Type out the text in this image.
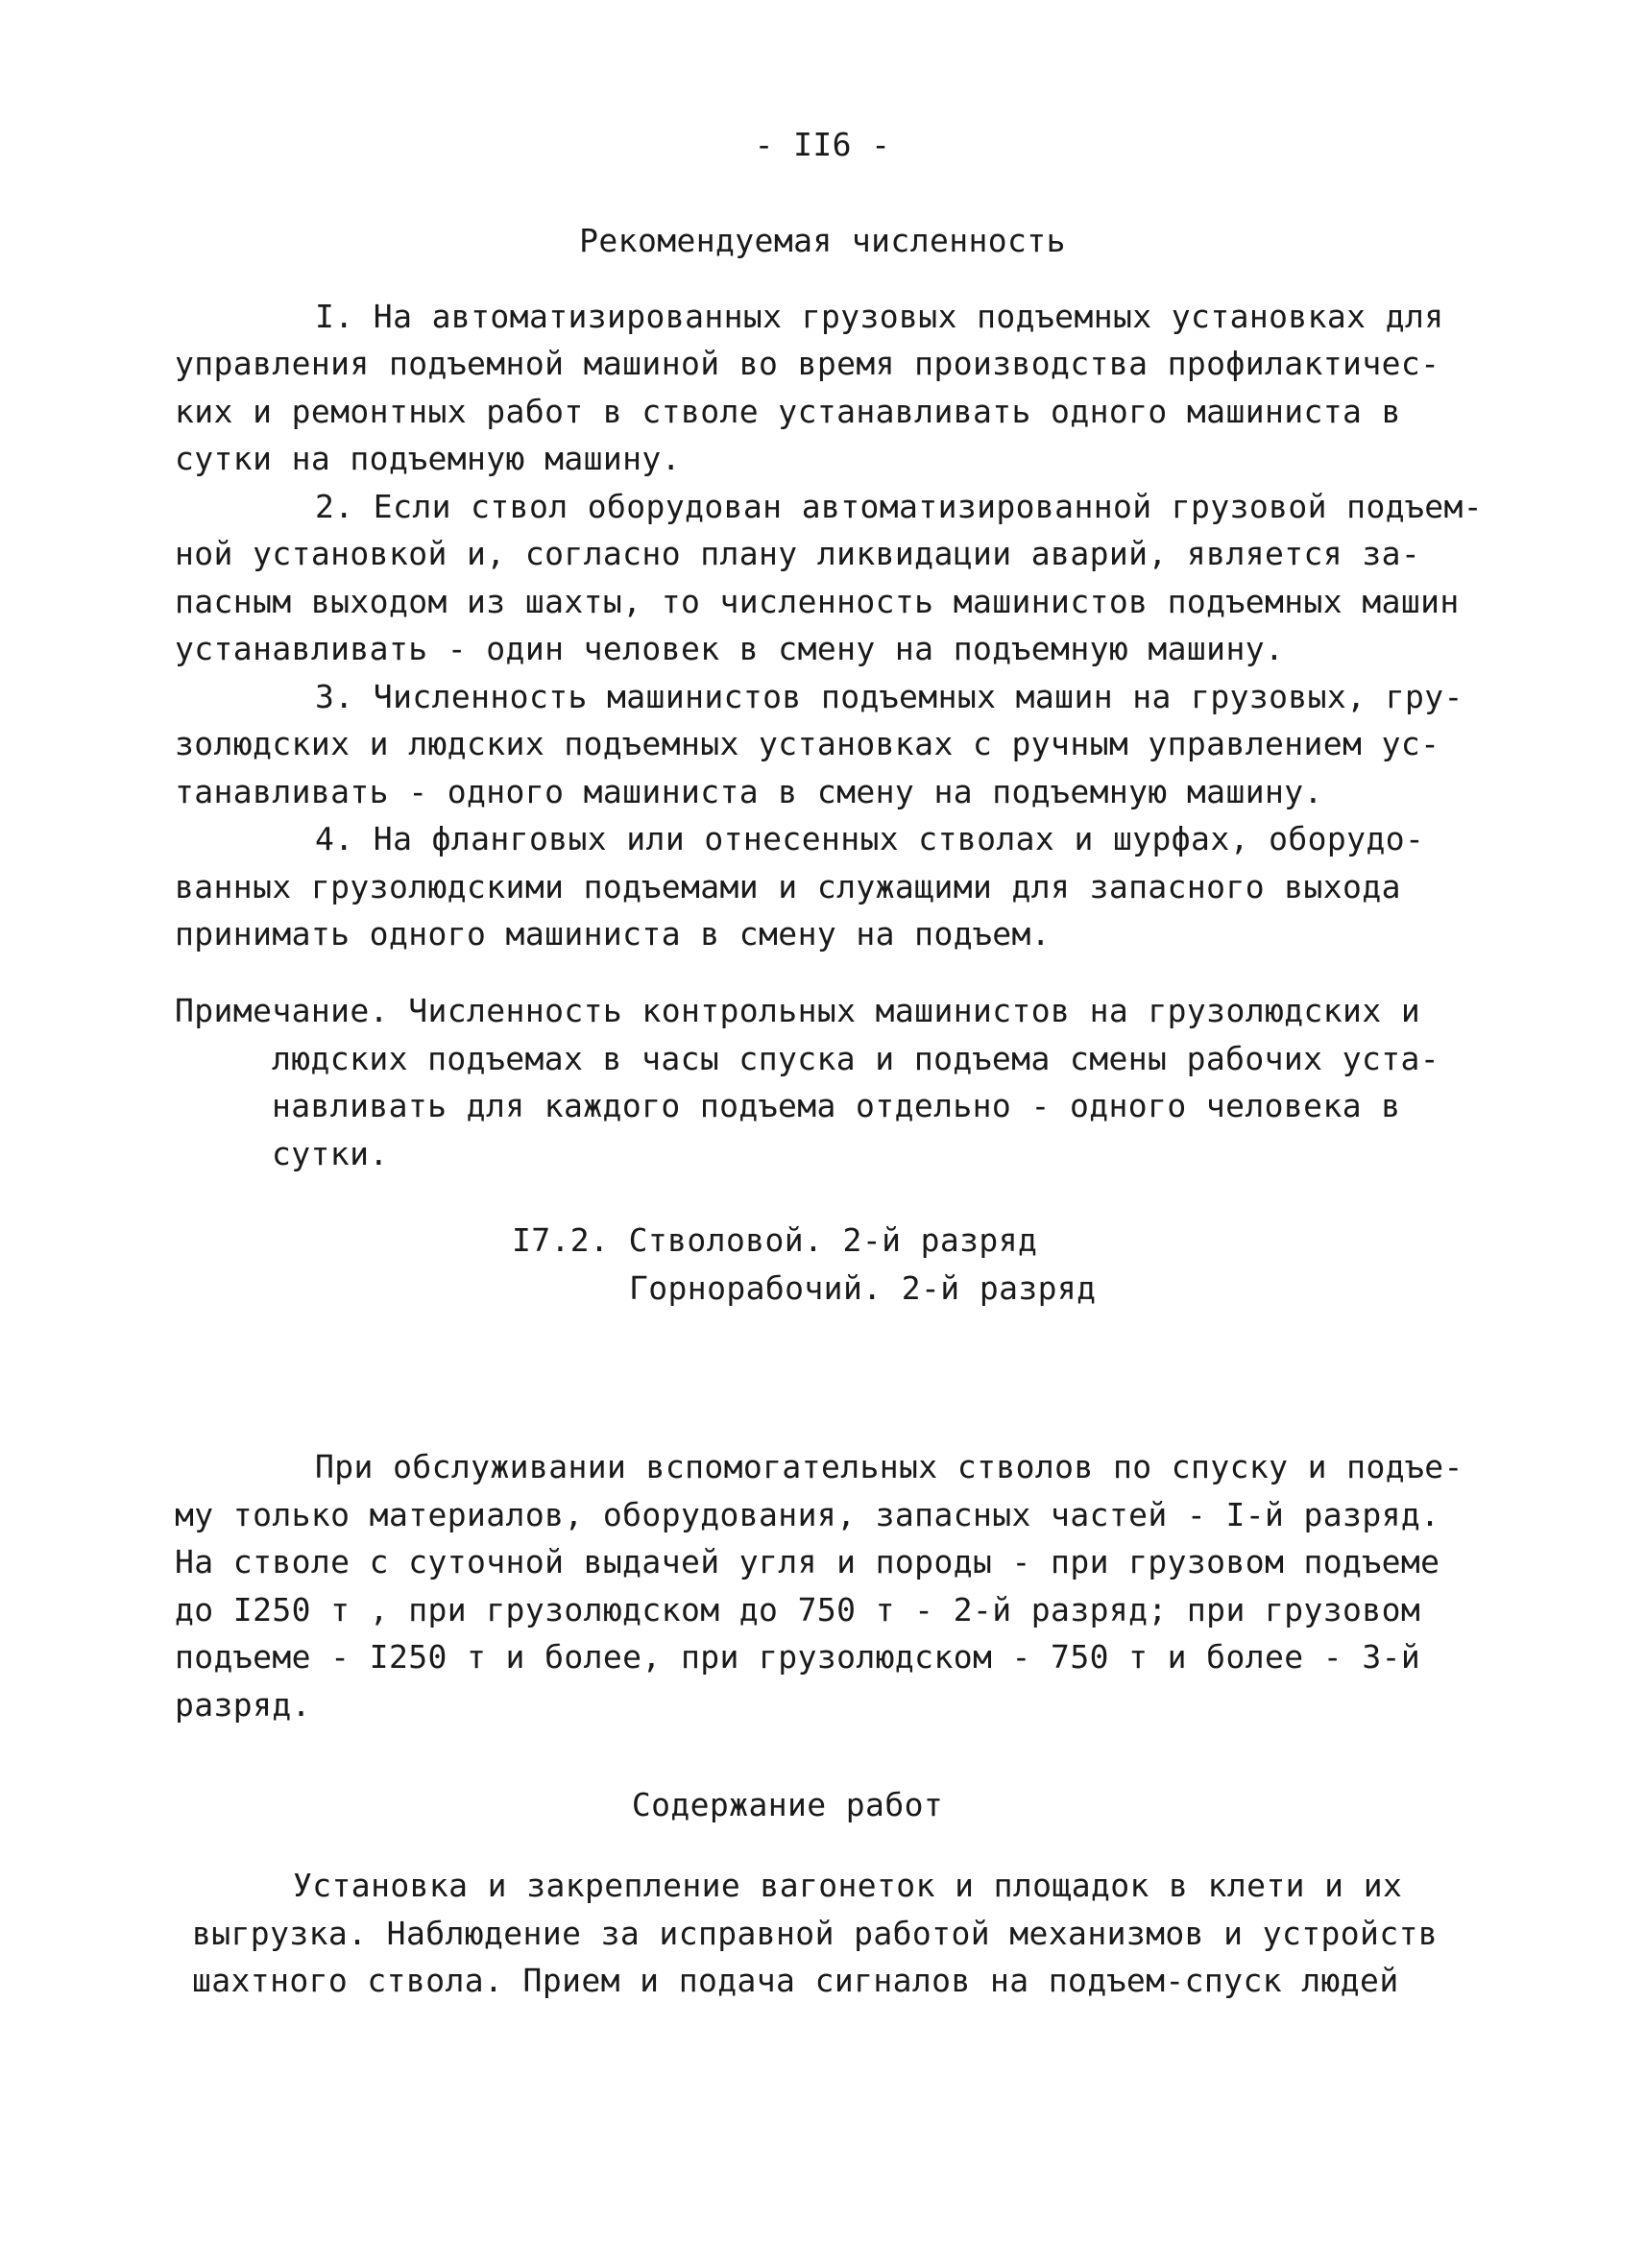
- II6 -
Рекомендуемая численность
I. На автоматизированных грузовых подъемных установках для
управления подъемной машиной во время производства профилактичес-
ких и ремонтных работ в стволе устанавливать одного машиниста в
сутки на подъемную машину.
2. Если ствол оборудован автоматизированной грузовой подъем-
ной установкой и, согласно плану ликвидации аварий, является за-
пасным выходом из шахты, то численность машинистов подъемных машин
устанавливать - один человек в смену на подъемную машину.
3. Численность машинистов подъемных машин на грузовых, гру-
золюдских и людских подъемных установках с ручным управлением ус-
танавливать - одного машиниста в смену на подъемную машину.
4. На фланговых или отнесенных стволах и шурфах, оборудо-
ванных грузолюдскими подъемами и служащими для запасного выхода
принимать одного машиниста в смену на подъем.
Примечание. Численность контрольных машинистов на грузолюдских и
людских подъемах в часы спуска и подъема смены рабочих уста-
навливать для каждого подъема отдельно - одного человека в
сутки.
I7.2. Стволовой. 2-й разряд
Горнорабочий. 2-й разряд
При обслуживании вспомогательных стволов по спуску и подъе-
му только материалов, оборудования, запасных частей - I-й разряд.
На стволе с суточной выдачей угля и породы - при грузовом подъеме
до I250 т , при грузолюдском до 750 т - 2-й разряд; при грузовом
подъеме - I250 т и более, при грузолюдском - 750 т и более - 3-й
разряд.
Содержание работ
Установка и закрепление вагонеток и площадок в клети и их
выгрузка. Наблюдение за исправной работой механизмов и устройств
шахтного ствола. Прием и подача сигналов на подъем-спуск людей
